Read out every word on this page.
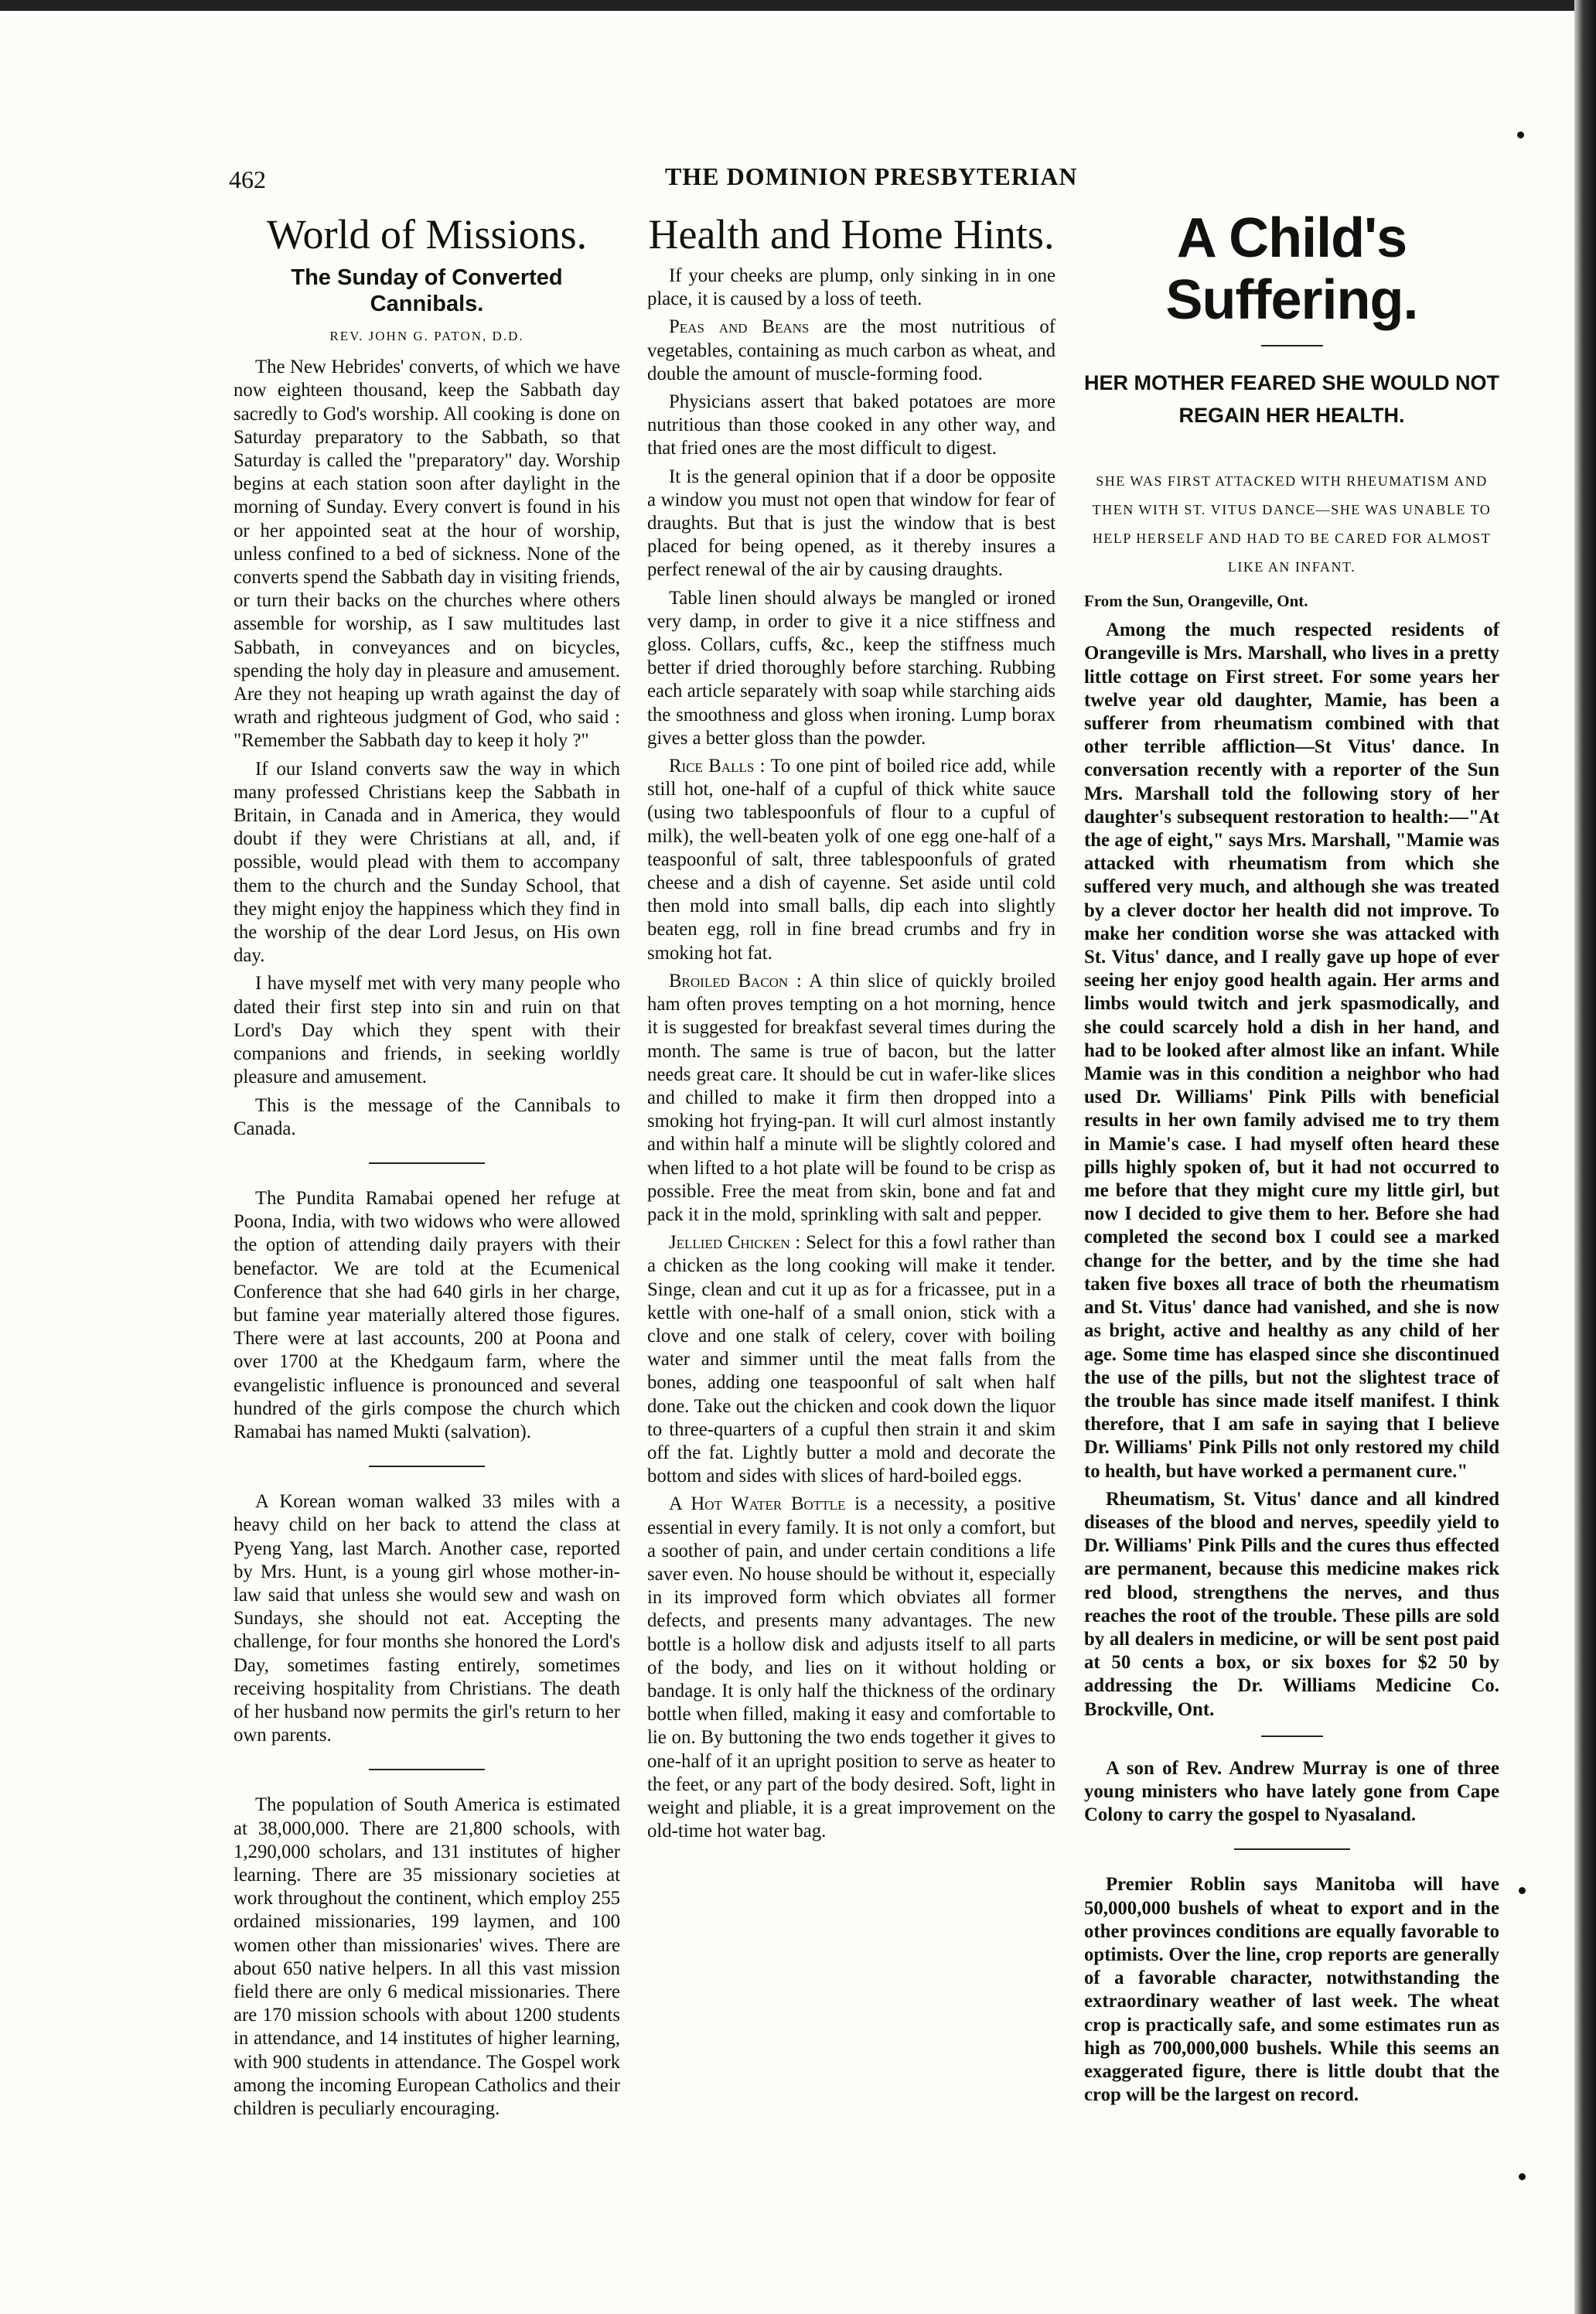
462	THE DOMINION PRESBYTERIAN
World of Missions.
The Sunday of Converted Cannibals.
REV. JOHN G. PATON, D.D.

The New Hebrides' converts, of which we have now eighteen thousand, keep the Sabbath day sacredly to God's worship. All cooking is done on Saturday preparatory to the Sabbath, so that Saturday is called the "preparatory" day. Worship begins at each station soon after daylight in the morning of Sunday. Every convert is found in his or her appointed seat at the hour of worship, unless confined to a bed of sickness. None of the converts spend the Sabbath day in visiting friends, or turn their backs on the churches where others assemble for worship, as I saw multitudes last Sabbath, in conveyances and on bicycles, spending the holy day in pleasure and amusement. Are they not heaping up wrath against the day of wrath and righteous judgment of God, who said : "Remember the Sabbath day to keep it holy ?"

If our Island converts saw the way in which many professed Christians keep the Sabbath in Britain, in Canada and in America, they would doubt if they were Christians at all, and, if possible, would plead with them to accompany them to the church and the Sunday School, that they might enjoy the happiness which they find in the worship of the dear Lord Jesus, on His own day.

I have myself met with very many people who dated their first step into sin and ruin on that Lord's Day which they spent with their companions and friends, in seeking worldly pleasure and amusement.

This is the message of the Cannibals to Canada.

The Pundita Ramabai opened her refuge at Poona, India, with two widows who were allowed the option of attending daily prayers with their benefactor. We are told at the Ecumenical Conference that she had 640 girls in her charge, but famine year materially altered those figures. There were at last accounts, 200 at Poona and over 1700 at the Khedgaum farm, where the evangelistic influence is pronounced and several hundred of the girls compose the church which Ramabai has named Mukti (salvation).

A Korean woman walked 33 miles with a heavy child on her back to attend the class at Pyeng Yang, last March. Another case, reported by Mrs. Hunt, is a young girl whose mother-in-law said that unless she would sew and wash on Sundays, she should not eat. Accepting the challenge, for four months she honored the Lord's Day, sometimes fasting entirely, sometimes receiving hospitality from Christians. The death of her husband now permits the girl's return to her own parents.

The population of South America is estimated at 38,000,000. There are 21,800 schools, with 1,290,000 scholars, and 131 institutes of higher learning. There are 35 missionary societies at work throughout the continent, which employ 255 ordained missionaries, 199 laymen, and 100 women other than missionaries' wives. There are about 650 native helpers. In all this vast mission field there are only 6 medical missionaries. There are 170 mission schools with about 1200 students in attendance, and 14 institutes of higher learning, with 900 students in attendance. The Gospel work among the incoming European Catholics and their children is peculiarly encouraging.

Health and Home Hints.

If your cheeks are plump, only sinking in in one place, it is caused by a loss of teeth.

Peas and Beans are the most nutritious of vegetables, containing as much carbon as wheat, and double the amount of muscle-forming food.

Physicians assert that baked potatoes are more nutritious than those cooked in any other way, and that fried ones are the most difficult to digest.

It is the general opinion that if a door be opposite a window you must not open that window for fear of draughts. But that is just the window that is best placed for being opened, as it thereby insures a perfect renewal of the air by causing draughts.

Table linen should always be mangled or ironed very damp, in order to give it a nice stiffness and gloss. Collars, cuffs, &c., keep the stiffness much better if dried thoroughly before starching. Rubbing each article separately with soap while starching aids the smoothness and gloss when ironing. Lump borax gives a better gloss than the powder.

Rice Balls : To one pint of boiled rice add, while still hot, one-half of a cupful of thick white sauce (using two tablespoonfuls of flour to a cupful of milk), the well-beaten yolk of one egg one-half of a teaspoonful of salt, three tablespoonfuls of grated cheese and a dish of cayenne. Set aside until cold then mold into small balls, dip each into slightly beaten egg, roll in fine bread crumbs and fry in smoking hot fat.

Broiled Bacon : A thin slice of quickly broiled ham often proves tempting on a hot morning, hence it is suggested for breakfast several times during the month. The same is true of bacon, but the latter needs great care. It should be cut in wafer-like slices and chilled to make it firm then dropped into a smoking hot frying-pan. It will curl almost instantly and within half a minute will be slightly colored and when lifted to a hot plate will be found to be crisp as possible. Free the meat from skin, bone and fat and pack it in the mold, sprinkling with salt and pepper.

Jellied Chicken : Select for this a fowl rather than a chicken as the long cooking will make it tender. Singe, clean and cut it up as for a fricassee, put in a kettle with one-half of a small onion, stick with a clove and one stalk of celery, cover with boiling water and simmer until the meat falls from the bones, adding one teaspoonful of salt when half done. Take out the chicken and cook down the liquor to three-quarters of a cupful then strain it and skim off the fat. Lightly butter a mold and decorate the bottom and sides with slices of hard-boiled eggs.

A Hot Water Bottle is a necessity, a positive essential in every family. It is not only a comfort, but a soother of pain, and under certain conditions a life saver even. No house should be without it, especially in its improved form which obviates all former defects, and presents many advantages. The new bottle is a hollow disk and adjusts itself to all parts of the body, and lies on it without holding or bandage. It is only half the thickness of the ordinary bottle when filled, making it easy and comfortable to lie on. By buttoning the two ends together it gives to one-half of it an upright position to serve as heater to the feet, or any part of the body desired. Soft, light in weight and pliable, it is a great improvement on the old-time hot water bag.

A Child's Suffering.
HER MOTHER FEARED SHE WOULD NOT REGAIN HER HEALTH.
SHE WAS FIRST ATTACKED WITH RHEUMATISM AND THEN WITH ST. VITUS DANCE—SHE WAS UNABLE TO HELP HERSELF AND HAD TO BE CARED FOR ALMOST LIKE AN INFANT.
From the Sun, Orangeville, Ont.

Among the much respected residents of Orangeville is Mrs. Marshall, who lives in a pretty little cottage on First street. For some years her twelve year old daughter, Mamie, has been a sufferer from rheumatism combined with that other terrible affliction—St Vitus' dance. In conversation recently with a reporter of the Sun Mrs. Marshall told the following story of her daughter's subsequent restoration to health:—"At the age of eight," says Mrs. Marshall, "Mamie was attacked with rheumatism from which she suffered very much, and although she was treated by a clever doctor her health did not improve. To make her condition worse she was attacked with St. Vitus' dance, and I really gave up hope of ever seeing her enjoy good health again. Her arms and limbs would twitch and jerk spasmodically, and she could scarcely hold a dish in her hand, and had to be looked after almost like an infant. While Mamie was in this condition a neighbor who had used Dr. Williams' Pink Pills with beneficial results in her own family advised me to try them in Mamie's case. I had myself often heard these pills highly spoken of, but it had not occurred to me before that they might cure my little girl, but now I decided to give them to her. Before she had completed the second box I could see a marked change for the better, and by the time she had taken five boxes all trace of both the rheumatism and St. Vitus' dance had vanished, and she is now as bright, active and healthy as any child of her age. Some time has elasped since she discontinued the use of the pills, but not the slightest trace of the trouble has since made itself manifest. I think therefore, that I am safe in saying that I believe Dr. Williams' Pink Pills not only restored my child to health, but have worked a permanent cure."

Rheumatism, St. Vitus' dance and all kindred diseases of the blood and nerves, speedily yield to Dr. Williams' Pink Pills and the cures thus effected are permanent, because this medicine makes rick red blood, strengthens the nerves, and thus reaches the root of the trouble. These pills are sold by all dealers in medicine, or will be sent post paid at 50 cents a box, or six boxes for $2 50 by addressing the Dr. Williams Medicine Co. Brockville, Ont.

A son of Rev. Andrew Murray is one of three young ministers who have lately gone from Cape Colony to carry the gospel to Nyasaland.

Premier Roblin says Manitoba will have 50,000,000 bushels of wheat to export and in the other provinces conditions are equally favorable to optimists. Over the line, crop reports are generally of a favorable character, notwithstanding the extraordinary weather of last week. The wheat crop is practically safe, and some estimates run as high as 700,000,000 bushels. While this seems an exaggerated figure, there is little doubt that the crop will be the largest on record.
